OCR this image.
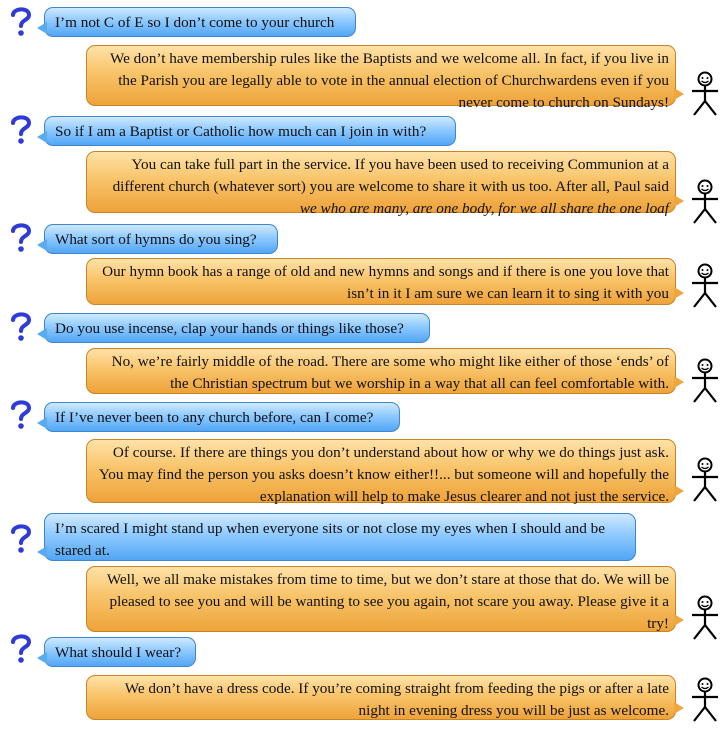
I’m not C of E so I don’t come to your church
We don’t have membership rules like the Baptists and we welcome all. In fact, if you live in the Parish you are legally able to vote in the annual election of Churchwardens even if you never come to church on Sundays!
So if I am a Baptist or Catholic how much can I join in with?
You can take full part in the service. If you have been used to receiving Communion at a different church (whatever sort) you are welcome to share it with us too. After all, Paul said we who are many, are one body, for we all share the one loaf
What sort of hymns do you sing?
Our hymn book has a range of old and new hymns and songs and if there is one you love that isn’t in it I am sure we can learn it to sing it with you
Do you use incense, clap your hands or things like those?
No, we’re fairly middle of the road. There are some who might like either of those ‘ends’ of the Christian spectrum but we worship in a way that all can feel comfortable with.
If I’ve never been to any church before, can I come?
Of course. If there are things you don’t understand about how or why we do things just ask. You may find the person you asks doesn’t know either!!... but someone will and hopefully the explanation will help to make Jesus clearer and not just the service.
I’m scared I might stand up when everyone sits or not close my eyes when I should and be stared at.
Well, we all make mistakes from time to time, but we don’t stare at those that do. We will be pleased to see you and will be wanting to see you again, not scare you away. Please give it a try!
What should I wear?
We don’t have a dress code. If you’re coming straight from feeding the pigs or after a late night in evening dress you will be just as welcome.
